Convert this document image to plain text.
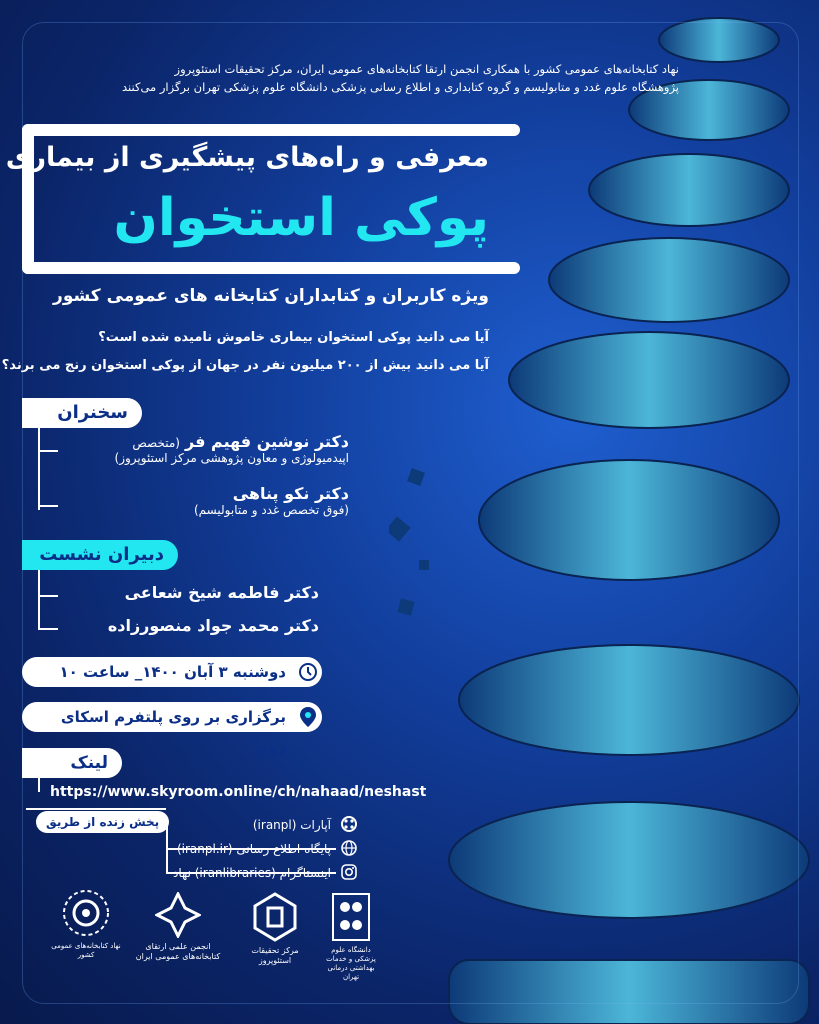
نهاد کتابخانه‌های عمومی کشور با همکاری انجمن ارتقا کتابخانه‌های عمومی ایران، مرکز تحقیقات استئوپروز
پژوهشگاه علوم غدد و متابولیسم و گروه کتابداری و اطلاع رسانی پزشکی دانشگاه علوم پزشکی تهران برگزار می‌کنند
معرفی و راه‌های پیشگیری از بیماری
پوکی استخوان
ویژه کاربران و کتابداران کتابخانه های عمومی کشور
آیا می دانید پوکی استخوان بیماری خاموش نامیده شده است؟
آیا می دانید بیش از ۲۰۰ میلیون نفر در جهان از پوکی استخوان رنج می برند؟
سخنران
دکتر نوشین فهیم فر (متخصص
اپیدمیولوژی و معاون پژوهشی مرکز استئوپروز)
دکتر نکو پناهی
(فوق تخصص غدد و متابولیسم)
دبیران نشست
دکتر فاطمه شیخ شعاعی
دکتر محمد جواد منصورزاده
دوشنبه ۳ آبان ۱۴۰۰_ ساعت ۱۰
برگزاری بر روی پلتفرم اسکای روم
لینک
https://www.skyroom.online/ch/nahaad/neshast
پخش زنده از طریق	آپارات (iranpl)
پایگاه اطلاع رسانی (iranpl.ir)
اینستاگرام (iranlibraries) نهاد
دانشگاه علوم پزشکی و خدمات بهداشتی درمانی تهران
مرکز تحقیقات استئوپروز
انجمن علمی ارتقای کتابخانه‌های عمومی ایران
نهاد کتابخانه‌های عمومی کشور
